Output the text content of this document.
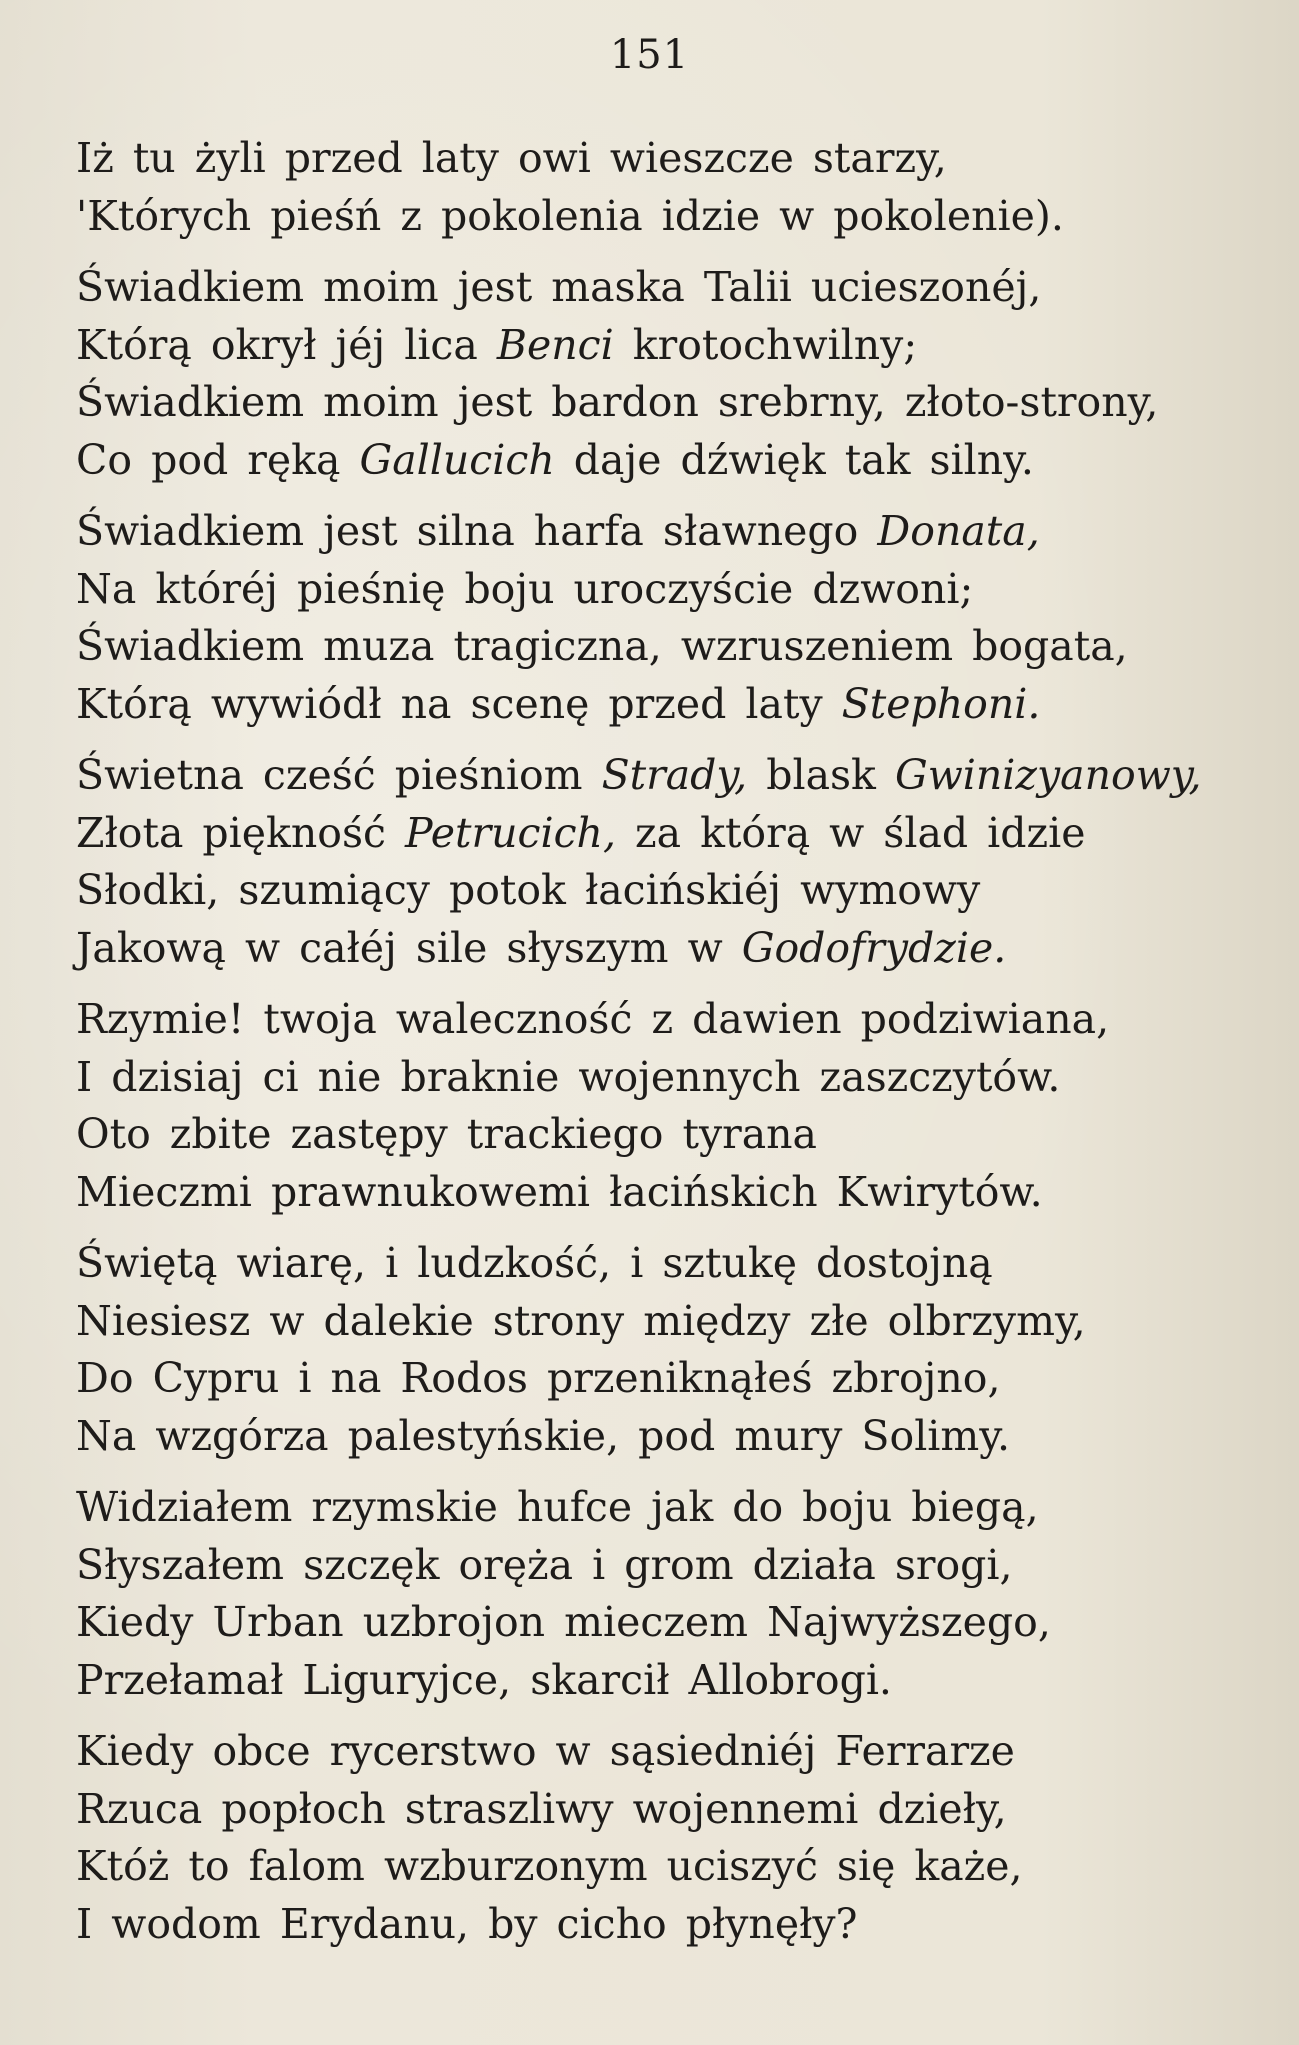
151
Iż tu żyli przed laty owi wieszcze starzy,
'Których pieśń z pokolenia idzie w pokolenie).
Świadkiem moim jest maska Talii ucieszonéj,
Którą okrył jéj lica Benci krotochwilny;
Świadkiem moim jest bardon srebrny, złoto-strony,
Co pod ręką Gallucich daje dźwięk tak silny.
Świadkiem jest silna harfa sławnego Donata,
Na któréj pieśnię boju uroczyście dzwoni;
Świadkiem muza tragiczna, wzruszeniem bogata,
Którą wywiódł na scenę przed laty Stephoni.
Świetna cześć pieśniom Strady, blask Gwinizyanowy,
Złota piękność Petrucich, za którą w ślad idzie
Słodki, szumiący potok łacińskiéj wymowy
Jakową w całéj sile słyszym w Godofrydzie.
Rzymie! twoja waleczność z dawien podziwiana,
I dzisiaj ci nie braknie wojennych zaszczytów.
Oto zbite zastępy trackiego tyrana
Mieczmi prawnukowemi łacińskich Kwirytów.
Świętą wiarę, i ludzkość, i sztukę dostojną
Niesiesz w dalekie strony między złe olbrzymy,
Do Cypru i na Rodos przeniknąłeś zbrojno,
Na wzgórza palestyńskie, pod mury Solimy.
Widziałem rzymskie hufce jak do boju biegą,
Słyszałem szczęk oręża i grom działa srogi,
Kiedy Urban uzbrojon mieczem Najwyższego,
Przełamał Liguryjce, skarcił Allobrogi.
Kiedy obce rycerstwo w sąsiedniéj Ferrarze
Rzuca popłoch straszliwy wojennemi dzieły,
Któż to falom wzburzonym uciszyć się każe,
I wodom Erydanu, by cicho płynęły?
